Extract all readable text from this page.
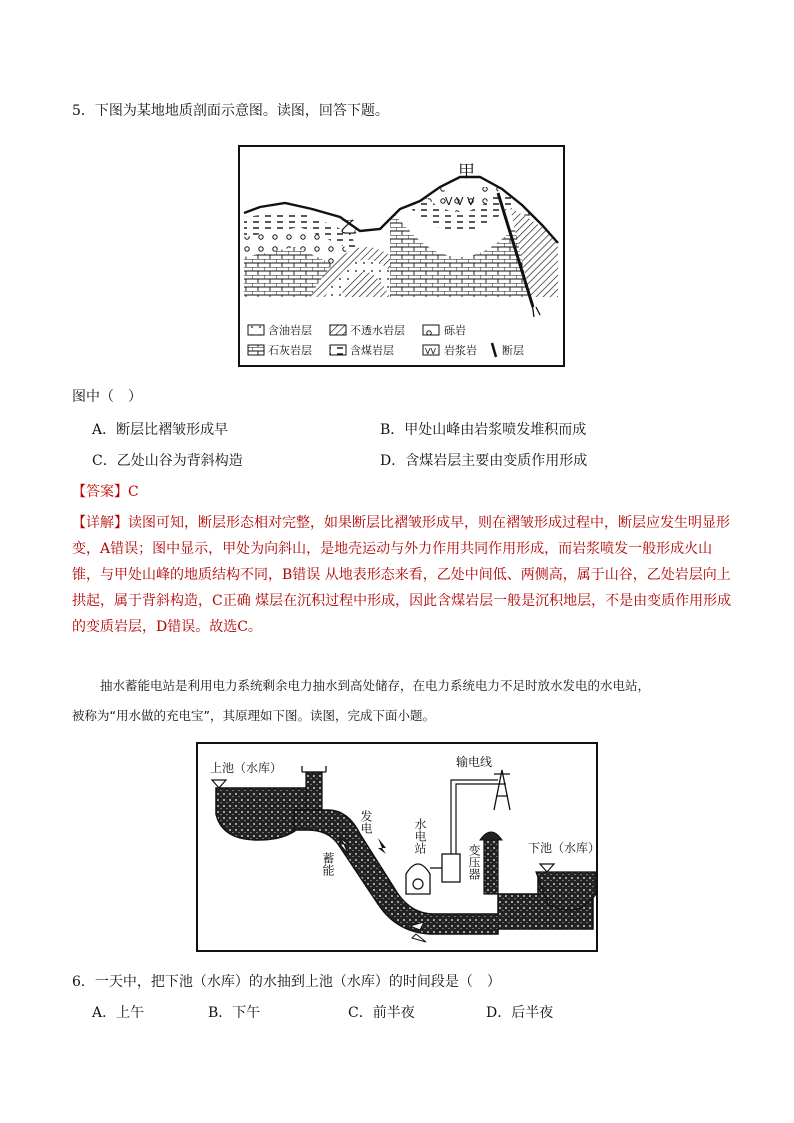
5．下图为某地地质剖面示意图。读图，回答下题。
V V V
甲
乙
含油岩层	不透水岩层	砾岩
石灰岩层	含煤岩层	VV 岩浆岩 断层
图中（　）
A．断层比褶皱形成早	B．甲处山峰由岩浆喷发堆积而成
C．乙处山谷为背斜构造	D．含煤岩层主要由变质作用形成
【答案】C
【详解】读图可知，断层形态相对完整，如果断层比褶皱形成早，则在褶皱形成过程中，断层应发生明显形变，A错误；图中显示，甲处为向斜山，是地壳运动与外力作用共同作用形成，而岩浆喷发一般形成火山锥，与甲处山峰的地质结构不同，B错误 从地表形态来看，乙处中间低、两侧高，属于山谷，乙处岩层向上拱起，属于背斜构造，C正确 煤层在沉积过程中形成，因此含煤岩层一般是沉积地层，不是由变质作用形成的变质岩层，D错误。故选C。
抽水蓄能电站是利用电力系统剩余电力抽水到高处储存，在电力系统电力不足时放水发电的水电站，
被称为“用水做的充电宝”，其原理如下图。读图，完成下面小题。
上池（水库）	输电线
发电
蓄能
水电站
变压器	下池（水库）
6．一天中，把下池（水库）的水抽到上池（水库）的时间段是（　）
A．上午	B．下午	C．前半夜	D．后半夜
